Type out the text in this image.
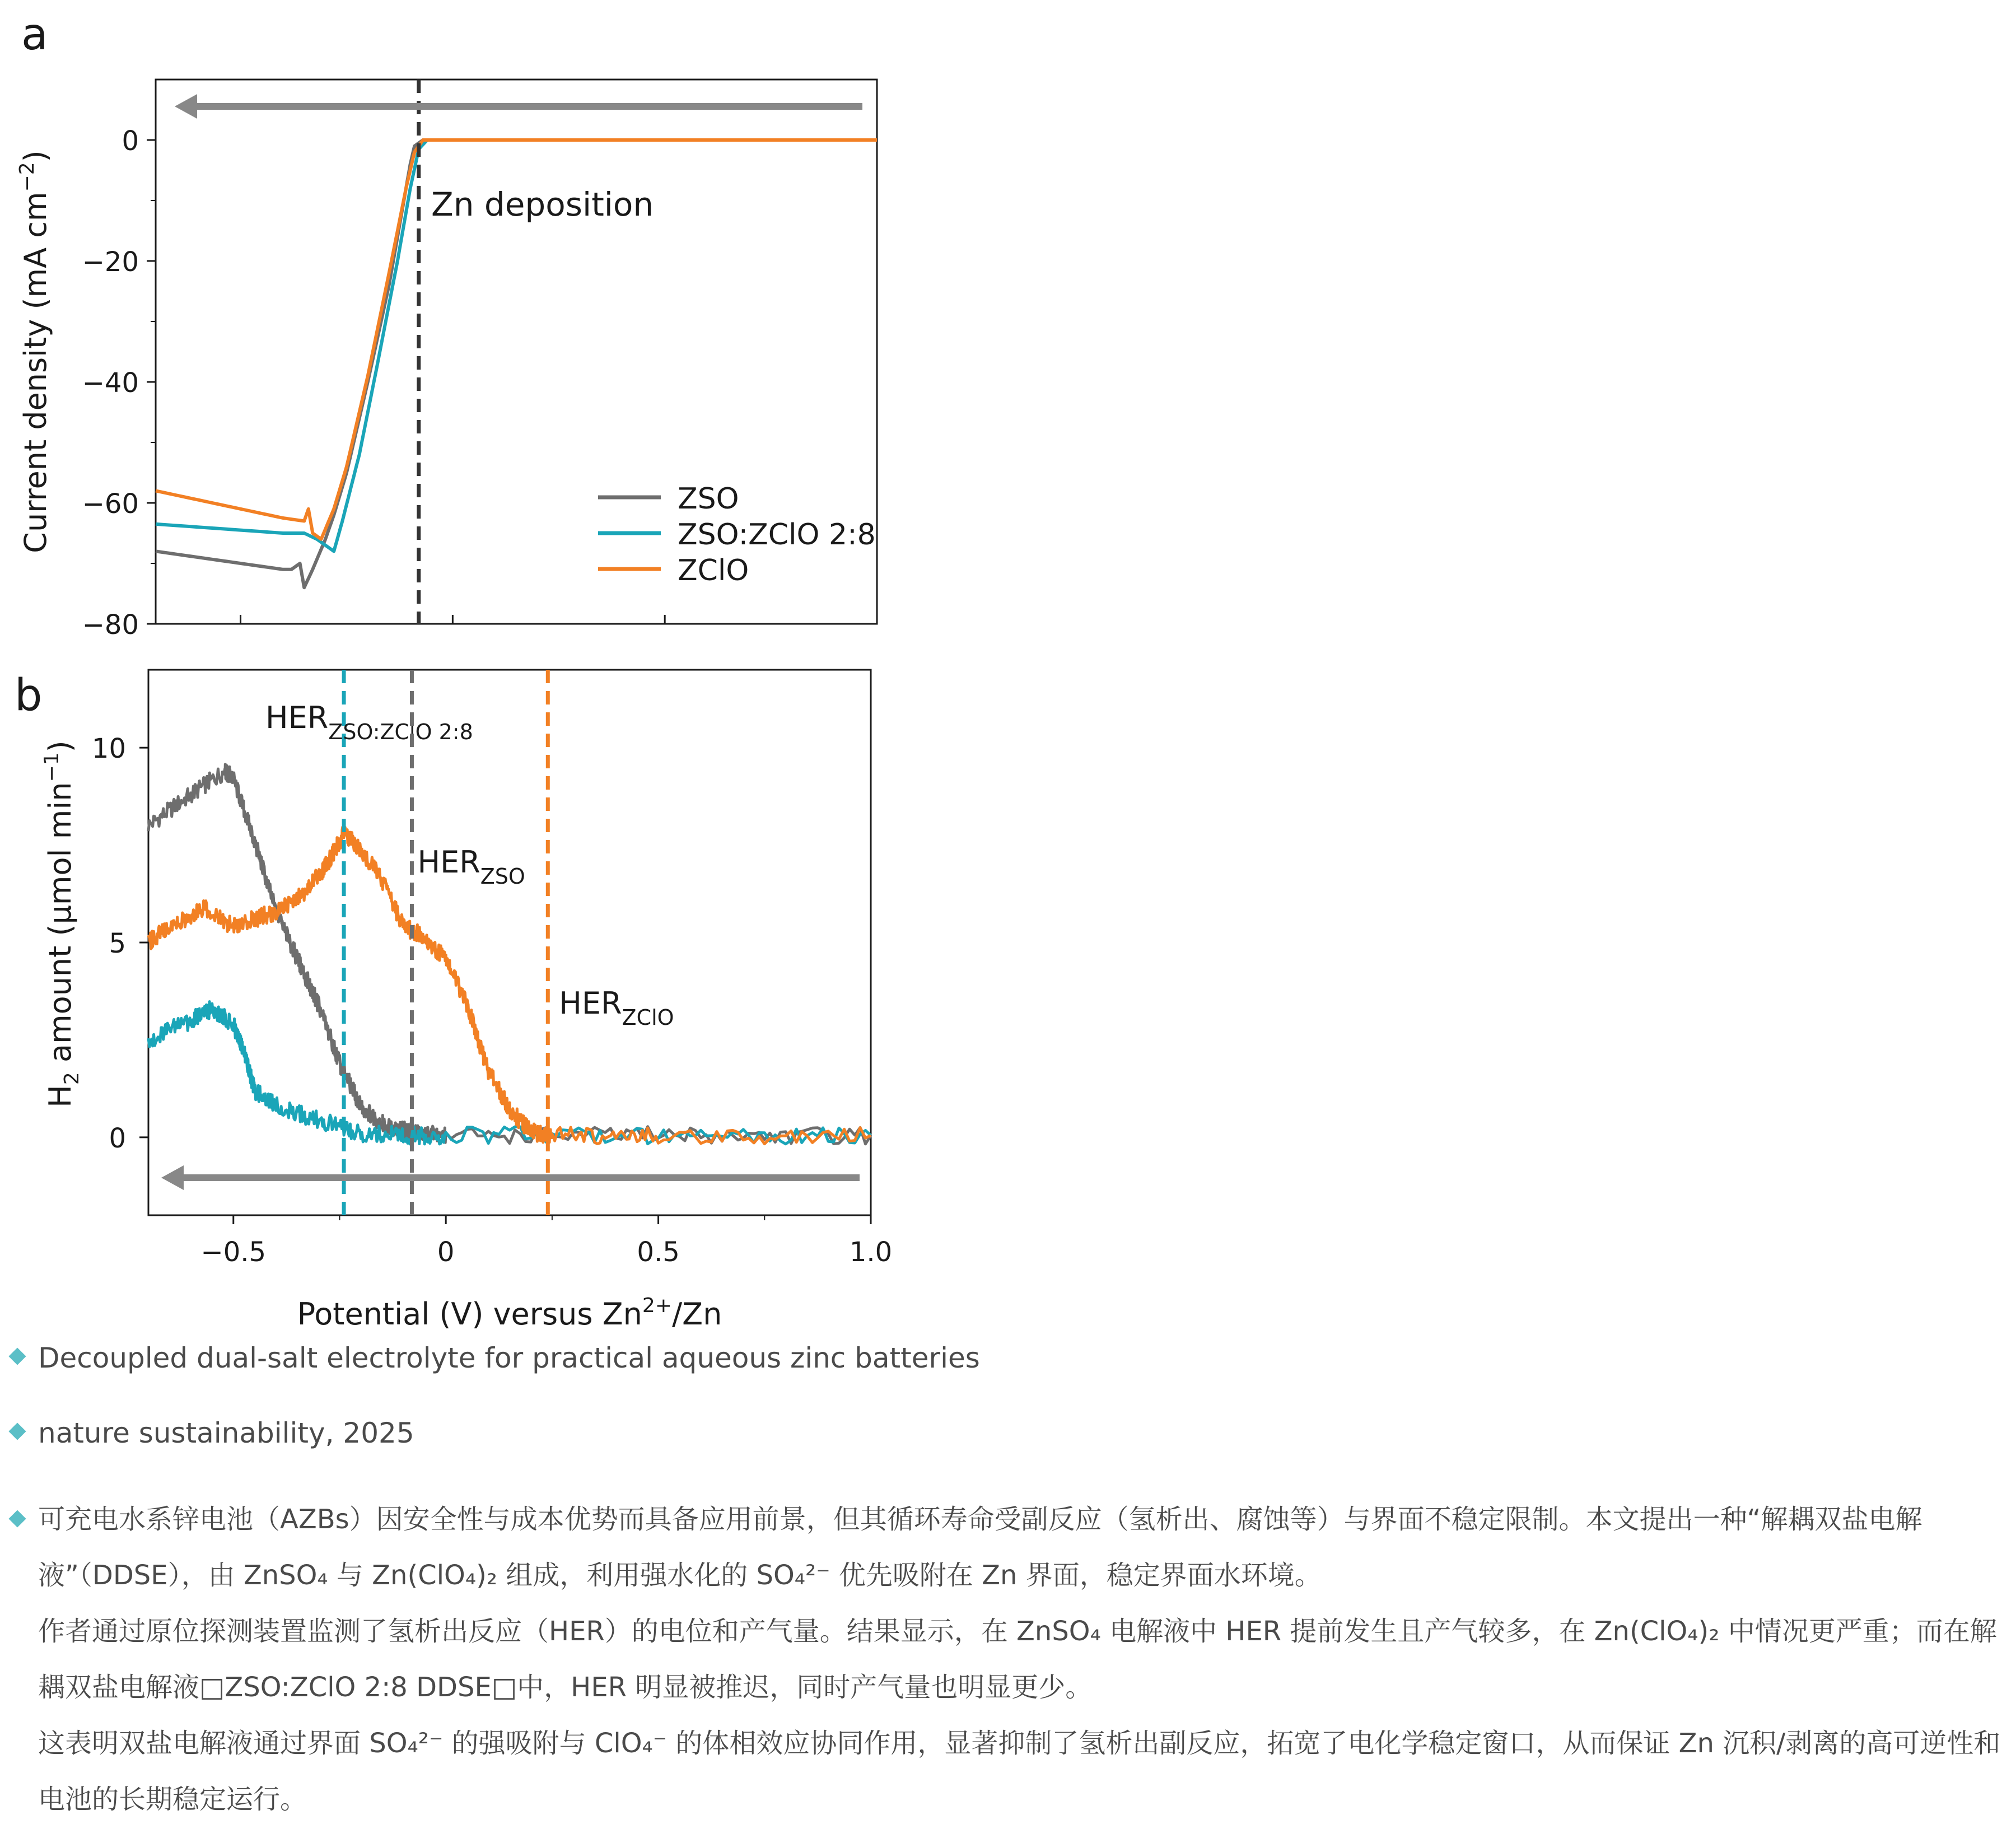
a
0
−20
−40
−60
−80
Current density (mA $cm^{-2}$)
Zn deposition
ZSO
ZSO:ZClO 2:8
ZClO
b
10
5
0
−0.5	0	0.5	1.0
$H_2$ amount (µmol $\min^{-1}$)
Potential (V) versus $Zn^{2+}/Zn$
$HER_{ZSO:ZClO 2:8}$
$HER_{ZSO}$
$HER_{ZClO}$
Decoupled dual-salt electrolyte for practical aqueous zinc batteries
nature sustainability, 2025
可充电水系锌电池（AZBs）因安全性与成本优势而具备应用前景，但其循环寿命受副反应（氢析出、腐蚀等）与界面不稳定限制。本文提出一种“解耦双盐电解液”（DDSE），由 ZnSO₄ 与 Zn(ClO₄)₂ 组成，利用强水化的 SO₄²⁻ 优先吸附在 Zn 界面，稳定界面水环境。
作者通过原位探测装置监测了氢析出反应（HER）的电位和产气量。结果显示，在 ZnSO₄ 电解液中 HER 提前发生且产气较多，在 Zn(ClO₄)₂ 中情况更严重；而在解耦双盐电解液□ZSO:ZClO 2:8 DDSE□中，HER 明显被推迟，同时产气量也明显更少。
这表明双盐电解液通过界面 SO₄²⁻ 的强吸附与 ClO₄⁻ 的体相效应协同作用，显著抑制了氢析出副反应，拓宽了电化学稳定窗口，从而保证 Zn 沉积/剥离的高可逆性和电池的长期稳定运行。
